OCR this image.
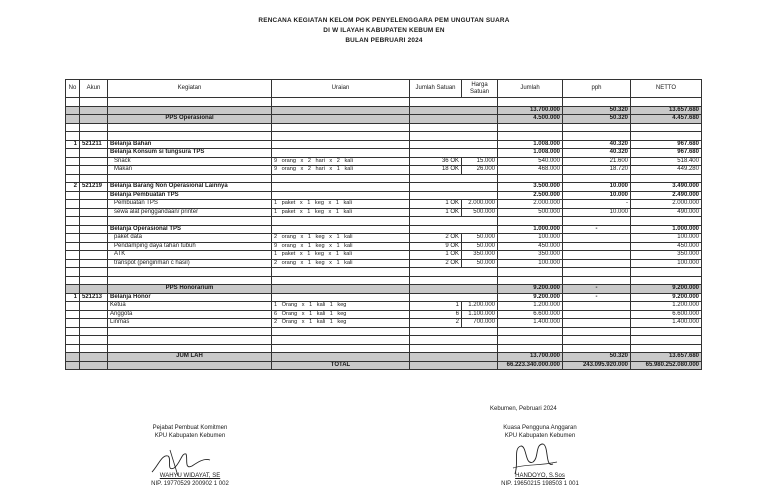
RENCANA KEGIATAN KELOM POK PENYELENGGARA PEM UNGUTAN SUARA
DI W ILAYAH KABUPATEN KEBUM EN
BULAN PEBRUARI 2024
No	Akun	Kegiatan	Uraian	Jumlah Satuan	Harga Satuan	Jumlah	pph	NETTO

						13.700.000	50.320	13.657.680
		PPS Operasional				4.500.000	50.320	4.457.680

1	521211	Belanja Bahan				1.008.000	40.320	967.680
		Belanja Konsum si tungsura TPS				1.008.000	40.320	967.680
		Snack	9 orang x 2 hari x 2 kali	36 OK	15.000	540.000	21.600	518.400
		Makan	9 orang x 2 hari x 1 kali	18 OK	26.000	468.000	18.720	449.280

2	521219	Belanja Barang Non Operasional Lainnya				3.500.000	10.000	3.490.000
		Belanja Pembuatan TPS				2.500.000	10.000	2.490.000
		Pembuatan TPS	1 paket x 1 keg x 1 kali	1 OK	2.000.000	2.000.000	-	2.000.000
		sewa alat penggandaan/ printer	1 paket x 1 keg x 1 kali	1 OK	500.000	500.000	10.000	490.000

		Belanja Operasional TPS				1.000.000	-	1.000.000
		paket data	2 orang x 1 keg x 1 kali	2 OK	50.000	100.000		100.000
		Pendamping daya tahan tubuh	9 orang x 1 keg x 1 kali	9 OK	50.000	450.000		450.000
		ATK	1 paket x 1 keg x 1 kali	1 OK	350.000	350.000		350.000
		transpot (pengiriman c hasil)	2 orang x 1 keg x 1 kali	2 OK	50.000	100.000		100.000

		PPS Honorarium				9.200.000	-	9.200.000
1	521213	Belanja Honor				9.200.000	-	9.200.000
		Ketua	1 Orang x 1 kali 1 keg	1	1.200.000	1.200.000		1.200.000
		Anggota	6 Orang x 1 kali 1 keg	6	1.100.000	6.600.000		6.600.000
		Linmas	2 Orang x 1 kali 1 keg	2	700.000	1.400.000		1.400.000

		JUM LAH				13.700.000	50.320	13.657.680
			TOTAL			66.223.340.000.000	243.095.920.000	65.980.252.080.000
Kebumen, Pebruari 2024
Pejabat Pembuat Komitmen
KPU Kabupaten Kebumen
WAHYU WIDAYAT, SE
NIP. 19770529 200902 1 002
Kuasa Pengguna Anggaran
KPU Kabupaten Kebumen
HANDOYO, S.Sos
NIP. 19650215 198503 1 001
